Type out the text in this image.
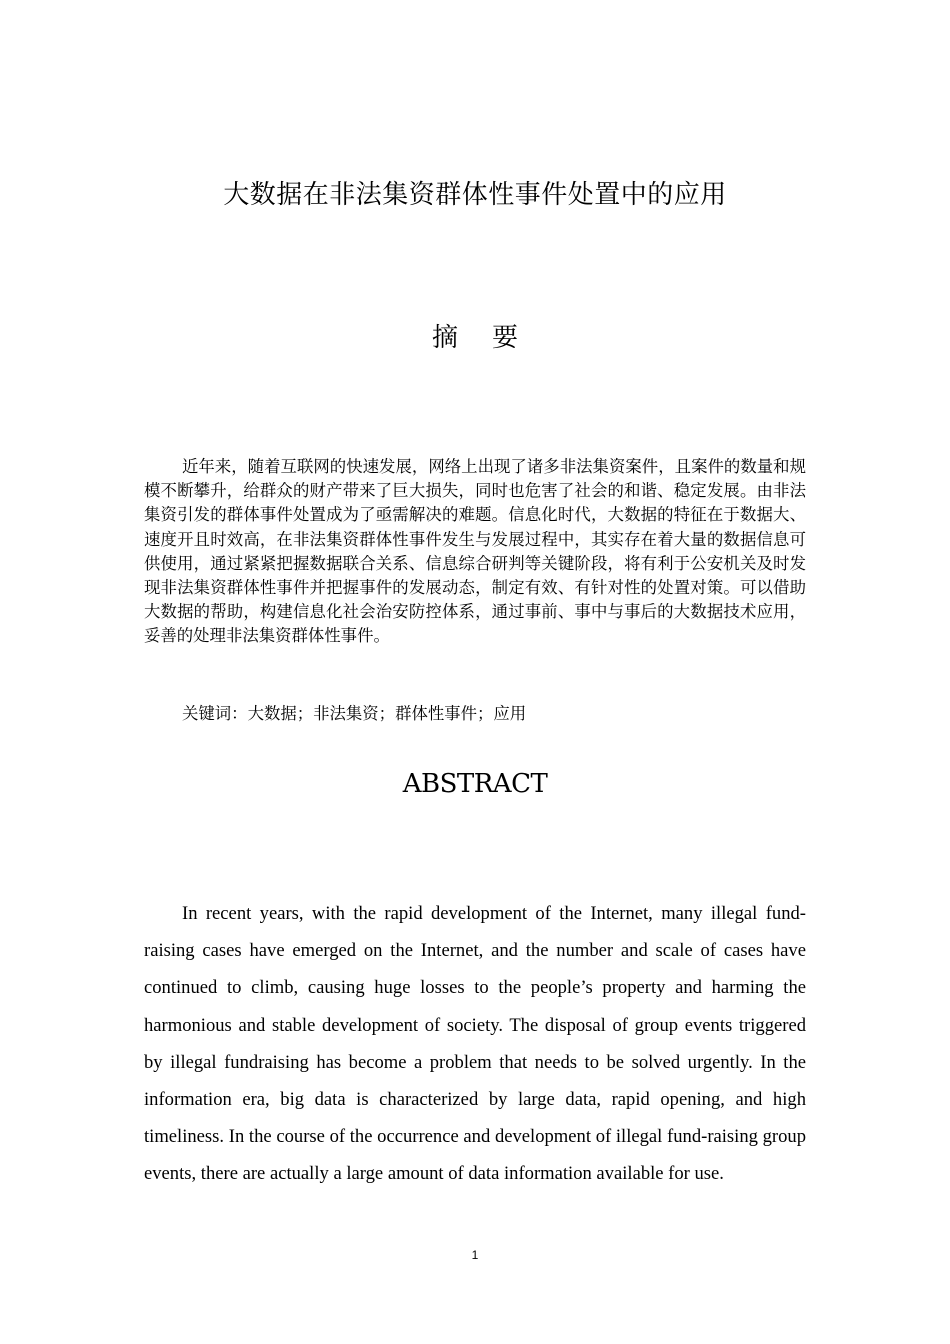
大数据在非法集资群体性事件处置中的应用
摘要

近年来，随着互联网的快速发展，网络上出现了诸多非法集资案件，且案件的数量和规模不断攀升，给群众的财产带来了巨大损失，同时也危害了社会的和谐、稳定发展。由非法集资引发的群体事件处置成为了亟需解决的难题。信息化时代，大数据的特征在于数据大、速度开且时效高，在非法集资群体性事件发生与发展过程中，其实存在着大量的数据信息可供使用，通过紧紧把握数据联合关系、信息综合研判等关键阶段，将有利于公安机关及时发现非法集资群体性事件并把握事件的发展动态，制定有效、有针对性的处置对策。可以借助大数据的帮助，构建信息化社会治安防控体系，通过事前、事中与事后的大数据技术应用，妥善的处理非法集资群体性事件。

关键词：大数据；非法集资；群体性事件；应用

ABSTRACT

In recent years, with the rapid development of the Internet, many illegal fund-raising cases have emerged on the Internet, and the number and scale of cases have continued to climb, causing huge losses to the people’s property and harming the harmonious and stable development of society. The disposal of group events triggered by illegal fundraising has become a problem that needs to be solved urgently. In the information era, big data is characterized by large data, rapid opening, and high timeliness. In the course of the occurrence and development of illegal fund-raising group events, there are actually a large amount of data information available for use.

1
